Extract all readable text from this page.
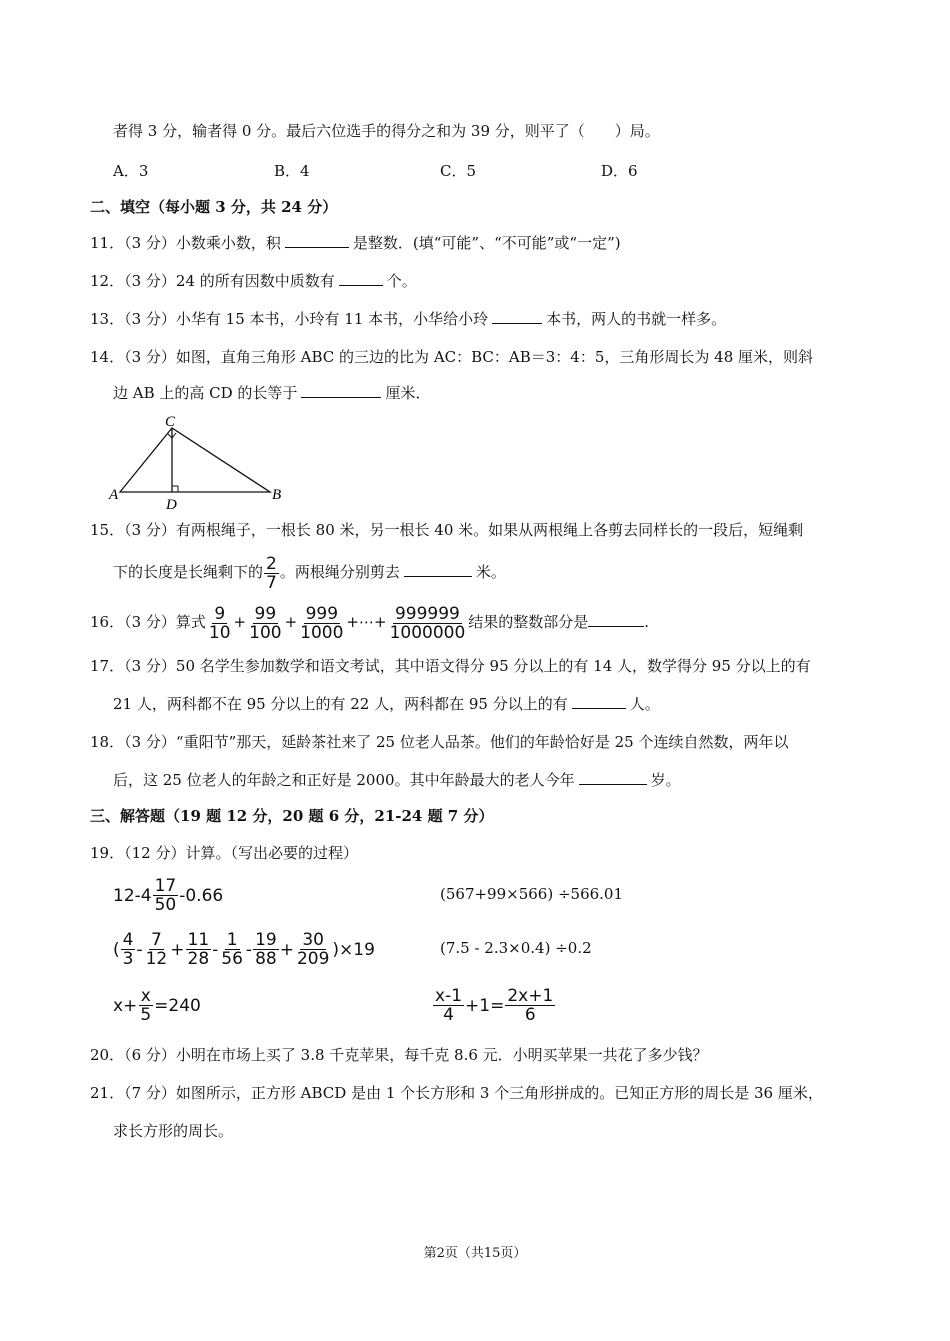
者得 3 分，输者得 0 分。最后六位选手的得分之和为 39 分，则平了（　　）局。
A．3	B．4	C．5	D．6
二、填空（每小题 3 分，共 24 分）
11．（3 分）小数乘小数，积	是整数．(填“可能”、“不可能”或“一定”)
12．（3 分）24 的所有因数中质数有	个。
13．（3 分）小华有 15 本书，小玲有 11 本书，小华给小玲	本书，两人的书就一样多。
14．（3 分）如图，直角三角形 ABC 的三边的比为 AC：BC：AB＝3：4：5，三角形周长为 48 厘米，则斜
边 AB 上的高 CD 的长等于	厘米．
A	B
C
D
15．（3 分）有两根绳子，一根长 80 米，另一根长 40 米。如果从两根绳上各剪去同样长的一段后，短绳剩
下的长度是长绳剩下的 $\frac{2}{7}$ 。两根绳分别剪去	米。
16．（3 分）算式 $\frac{9}{10} + \frac{99}{100} + \frac{999}{1000}$ +⋯+ $\frac{999999}{1000000}$ 结果的整数部分是	.
17．（3 分）50 名学生参加数学和语文考试，其中语文得分 95 分以上的有 14 人，数学得分 95 分以上的有
21 人，两科都不在 95 分以上的有 22 人，两科都在 95 分以上的有	人。
18．（3 分）“重阳节”那天，延龄茶社来了 25 位老人品茶。他们的年龄恰好是 25 个连续自然数，两年以
后，这 25 位老人的年龄之和正好是 2000。其中年龄最大的老人今年	岁。
三、解答题（19 题 12 分，20 题 6 分，21-24 题 7 分）
19．（12 分）计算。（写出必要的过程）
$12-4 \frac{17}{50} -0.66$	(567+99×566) ÷566.01
( $\frac{4}{3} - \frac{7}{12} + \frac{11}{28} - \frac{1}{56} - \frac{19}{88} + \frac{30}{209} )\times 19$	(7.5 - 2.3×0.4) ÷0.2
$x+ \frac{x}{5} =240$	$\frac{x-1}{4} +1= \frac{2x+1}{6}$
20．（6 分）小明在市场上买了 3.8 千克苹果，每千克 8.6 元．小明买苹果一共花了多少钱？
21．（7 分）如图所示，正方形 ABCD 是由 1 个长方形和 3 个三角形拼成的。已知正方形的周长是 36 厘米，
求长方形的周长。
第2页（共15页）
